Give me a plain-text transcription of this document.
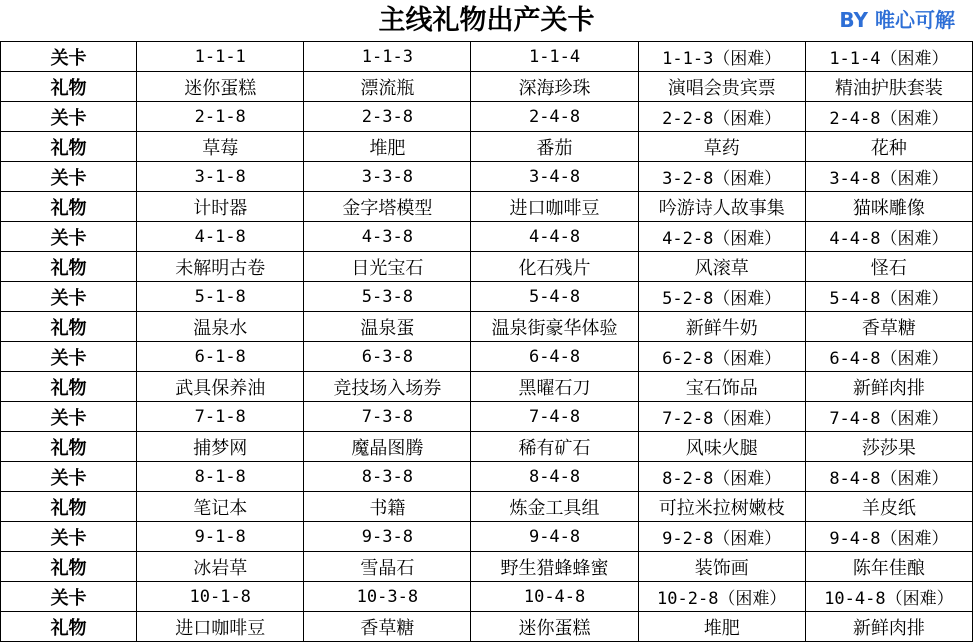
主线礼物出产关卡	BY 唯心可解
关卡	1-1-1	1-1-3	1-1-4	1-1-3（困难）	1-1-4（困难）
礼物	迷你蛋糕	漂流瓶	深海珍珠	演唱会贵宾票	精油护肤套装
关卡	2-1-8	2-3-8	2-4-8	2-2-8（困难）	2-4-8（困难）
礼物	草莓	堆肥	番茄	草药	花种
关卡	3-1-8	3-3-8	3-4-8	3-2-8（困难）	3-4-8（困难）
礼物	计时器	金字塔模型	进口咖啡豆	吟游诗人故事集	猫咪雕像
关卡	4-1-8	4-3-8	4-4-8	4-2-8（困难）	4-4-8（困难）
礼物	未解明古卷	日光宝石	化石残片	风滚草	怪石
关卡	5-1-8	5-3-8	5-4-8	5-2-8（困难）	5-4-8（困难）
礼物	温泉水	温泉蛋	温泉街豪华体验	新鲜牛奶	香草糖
关卡	6-1-8	6-3-8	6-4-8	6-2-8（困难）	6-4-8（困难）
礼物	武具保养油	竞技场入场券	黑曜石刀	宝石饰品	新鲜肉排
关卡	7-1-8	7-3-8	7-4-8	7-2-8（困难）	7-4-8（困难）
礼物	捕梦网	魔晶图腾	稀有矿石	风味火腿	莎莎果
关卡	8-1-8	8-3-8	8-4-8	8-2-8（困难）	8-4-8（困难）
礼物	笔记本	书籍	炼金工具组	可拉米拉树嫩枝	羊皮纸
关卡	9-1-8	9-3-8	9-4-8	9-2-8（困难）	9-4-8（困难）
礼物	冰岩草	雪晶石	野生猎蜂蜂蜜	装饰画	陈年佳酿
关卡	10-1-8	10-3-8	10-4-8	10-2-8（困难）	10-4-8（困难）
礼物	进口咖啡豆	香草糖	迷你蛋糕	堆肥	新鲜肉排
